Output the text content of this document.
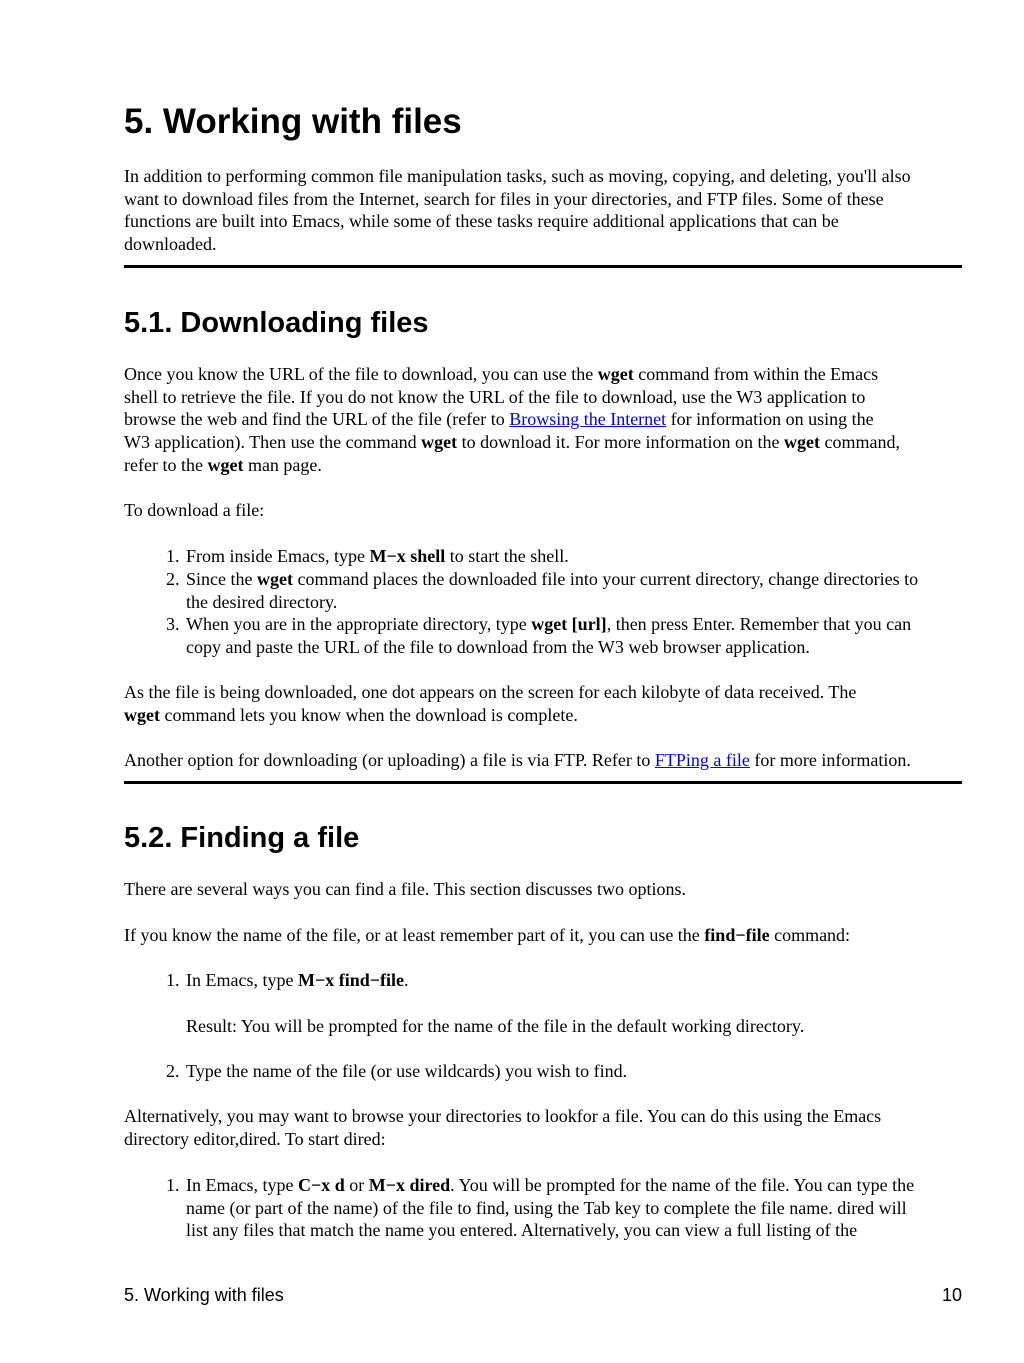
5. Working with files

In addition to performing common file manipulation tasks, such as moving, copying, and deleting, you'll also
want to download files from the Internet, search for files in your directories, and FTP files. Some of these
functions are built into Emacs, while some of these tasks require additional applications that can be
downloaded.

5.1. Downloading files

Once you know the URL of the file to download, you can use the wget command from within the Emacs
shell to retrieve the file. If you do not know the URL of the file to download, use the W3 application to
browse the web and find the URL of the file (refer to Browsing the Internet for information on using the
W3 application). Then use the command wget to download it. For more information on the wget command,
refer to the wget man page.

To download a file:

1. From inside Emacs, type M−x shell to start the shell.
2. Since the wget command places the downloaded file into your current directory, change directories to
the desired directory.
3. When you are in the appropriate directory, type wget [url], then press Enter. Remember that you can
copy and paste the URL of the file to download from the W3 web browser application.

As the file is being downloaded, one dot appears on the screen for each kilobyte of data received. The
wget command lets you know when the download is complete.

Another option for downloading (or uploading) a file is via FTP. Refer to FTPing a file for more information.

5.2. Finding a file

There are several ways you can find a file. This section discusses two options.

If you know the name of the file, or at least remember part of it, you can use the find−file command:

1. In Emacs, type M−x find−file.
Result: You will be prompted for the name of the file in the default working directory.
2. Type the name of the file (or use wildcards) you wish to find.

Alternatively, you may want to browse your directories to lookfor a file. You can do this using the Emacs
directory editor,dired. To start dired:

1. In Emacs, type C−x d or M−x dired. You will be prompted for the name of the file. You can type the
name (or part of the name) of the file to find, using the Tab key to complete the file name. dired will
list any files that match the name you entered. Alternatively, you can view a full listing of the
5. Working with files	10
